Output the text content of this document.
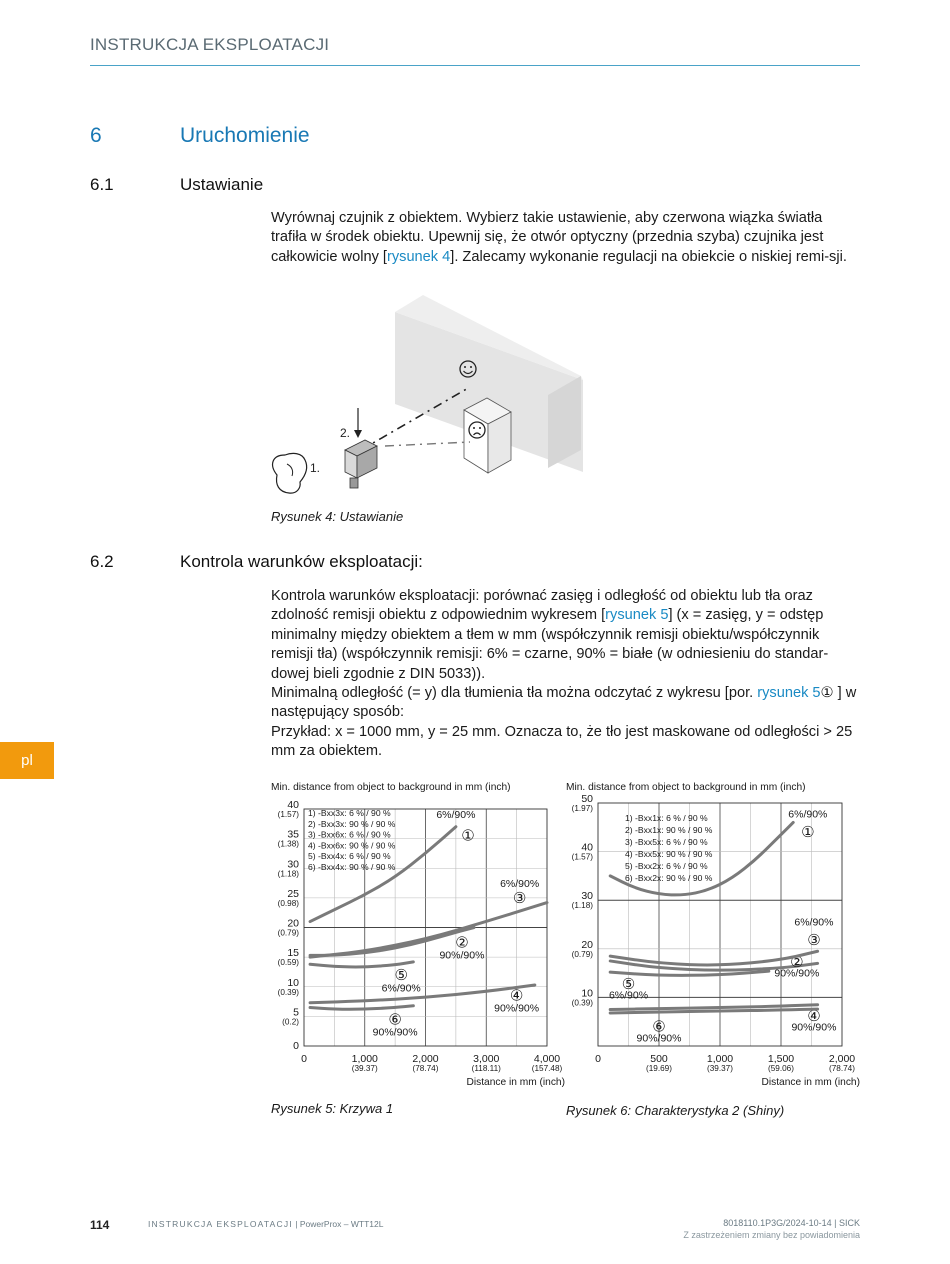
INSTRUKCJA EKSPLOATACJI
6	Uruchomienie
6.1	Ustawianie

Wyrównaj czujnik z obiektem. Wybierz takie ustawienie, aby czerwona wiązka światła trafiła w środek obiektu. Upewnij się, że otwór optyczny (przednia szyba) czujnika jest całkowicie wolny [rysunek 4]. Zalecamy wykonanie regulacji na obiekcie o niskiej remi-sji.

2.
1.
Rysunek 4: Ustawianie
6.2	Kontrola warunków eksploatacji:

Kontrola warunków eksploatacji: porównać zasięg i odległość od obiektu lub tła oraz zdolność remisji obiektu z odpowiednim wykresem [rysunek 5] (x = zasięg, y = odstęp minimalny między obiektem a tłem w mm (współczynnik remisji obiektu/współczynnik remisji tła) (współczynnik remisji: 6% = czarne, 90% = białe (w odniesieniu do standar-dowej bieli zgodnie z DIN 5033)).

Minimalną odległość (= y) dla tłumienia tła można odczytać z wykresu [por. rysunek 5① ] w następujący sposób:

Przykład: x = 1000 mm, y = 25 mm. Oznacza to, że tło jest maskowane od odległości > 25 mm za obiektem.

pl
Min. distance from object to background in mm (inch)
0
5
(0.2)
10
(0.39)
15
(0.59)
20
(0.79)
25
(0.98)
30
(1.18)
35
(1.38)
40
(1.57)
0	1,000
(39.37)
2,000
(78.74)
3,000
(118.11)
4,000
(157.48)
Distance in mm (inch)
1) -Bxx3x: 6 % / 90 %
2) -Bxx3x: 90 % / 90 %
3) -Bxx6x: 6 % / 90 %
4) -Bxx6x: 90 % / 90 %
5) -Bxx4x: 6 % / 90 %
6) -Bxx4x: 90 % / 90 %
6%/90%
①
90%/90%
②
6%/90%
③
90%/90%
④
6%/90%
⑤
90%/90%
⑥
Min. distance from object to background in mm (inch)
10
(0.39)
20
(0.79)
30
(1.18)
40
(1.57)
50
(1.97)
0	500
(19.69)
1,000
(39.37)
1,500
(59.06)
2,000
(78.74)
Distance in mm (inch)
1) -Bxx1x: 6 % / 90 %
2) -Bxx1x: 90 % / 90 %
3) -Bxx5x: 6 % / 90 %
4) -Bxx5x: 90 % / 90 %
5) -Bxx2x: 6 % / 90 %
6) -Bxx2x: 90 % / 90 %
6%/90%
①
90%/90%
②
6%/90%
③
90%/90%
④
6%/90%
⑤
90%/90%
⑥
114	INSTRUKCJA EKSPLOATACJI | PowerProx – WTT12L	8018110.1P3G/2024-10-14 | SICK
Z zastrzeżeniem zmiany bez powiadomienia
Rysunek 5: Krzywa 1	Rysunek 6: Charakterystyka 2 (Shiny)
